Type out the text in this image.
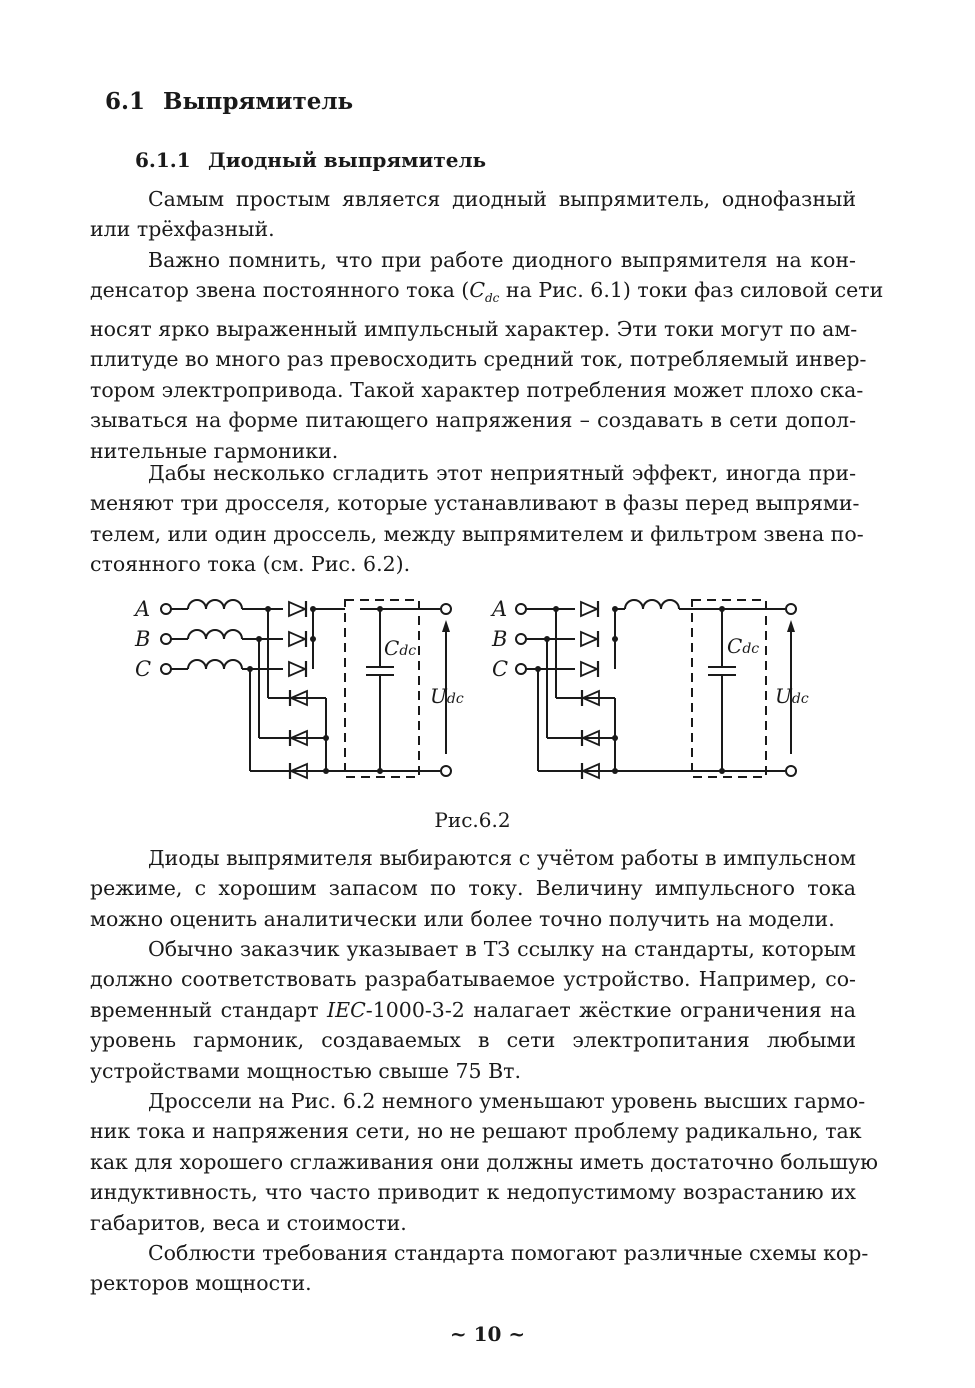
6.1 Выпрямитель
6.1.1 Диодный выпрямитель
Самым простым является диодный выпрямитель, однофазный
или трёхфазный.
Важно помнить, что при работе диодного выпрямителя на кон-
денсатор звена постоянного тока ($C_{dc}$ на Рис. 6.1) токи фаз силовой сети
носят ярко выраженный импульсный характер. Эти токи могут по ам-
плитуде во много раз превосходить средний ток, потребляемый инвер-
тором электропривода. Такой характер потребления может плохо ска-
зываться на форме питающего напряжения – создавать в сети допол-
нительные гармоники.
Дабы несколько сгладить этот неприятный эффект, иногда при-
меняют три дросселя, которые устанавливают в фазы перед выпрями-
телем, или один дроссель, между выпрямителем и фильтром звена по-
стоянного тока (см. Рис. 6.2).
A
B
C
Cdc
Udc
A
B
C
Cdc
Udc
Рис.6.2
Диоды выпрямителя выбираются с учётом работы в импульсном
режиме, с хорошим запасом по току. Величину импульсного тока
можно оценить аналитически или более точно получить на модели.
Обычно заказчик указывает в ТЗ ссылку на стандарты, которым
должно соответствовать разрабатываемое устройство. Например, со-
временный стандарт IEC-1000-3-2 налагает жёсткие ограничения на
уровень гармоник, создаваемых в сети электропитания любыми
устройствами мощностью свыше 75 Вт.
Дроссели на Рис. 6.2 немного уменьшают уровень высших гармо-
ник тока и напряжения сети, но не решают проблему радикально, так
как для хорошего сглаживания они должны иметь достаточно большую
индуктивность, что часто приводит к недопустимому возрастанию их
габаритов, веса и стоимости.
Соблюсти требования стандарта помогают различные схемы кор-
ректоров мощности.
~ 10 ~
